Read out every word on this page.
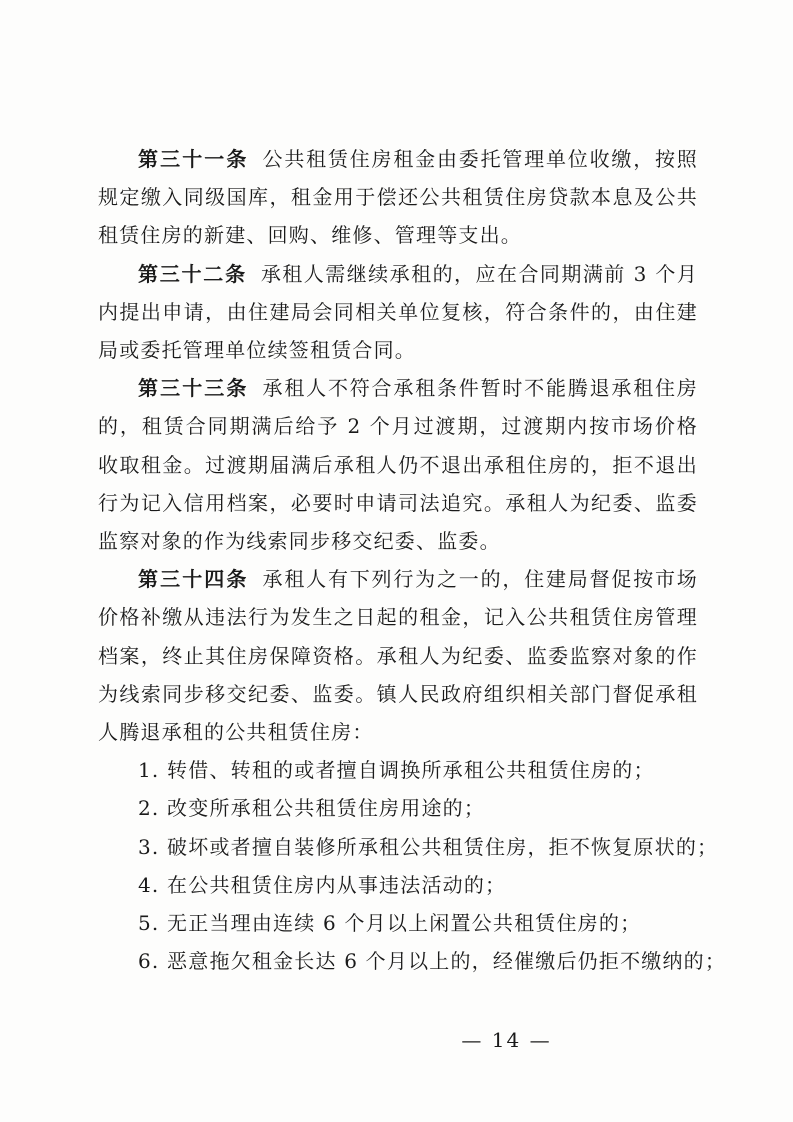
第三十一条 公共租赁住房租金由委托管理单位收缴，按照规定缴入同级国库，租金用于偿还公共租赁住房贷款本息及公共租赁住房的新建、回购、维修、管理等支出。

第三十二条 承租人需继续承租的，应在合同期满前 3 个月内提出申请，由住建局会同相关单位复核，符合条件的，由住建局或委托管理单位续签租赁合同。

第三十三条 承租人不符合承租条件暂时不能腾退承租住房的，租赁合同期满后给予 2 个月过渡期，过渡期内按市场价格收取租金。过渡期届满后承租人仍不退出承租住房的，拒不退出行为记入信用档案，必要时申请司法追究。承租人为纪委、监委监察对象的作为线索同步移交纪委、监委。

第三十四条 承租人有下列行为之一的，住建局督促按市场价格补缴从违法行为发生之日起的租金，记入公共租赁住房管理档案，终止其住房保障资格。承租人为纪委、监委监察对象的作为线索同步移交纪委、监委。镇人民政府组织相关部门督促承租人腾退承租的公共租赁住房：

1. 转借、转租的或者擅自调换所承租公共租赁住房的；

2. 改变所承租公共租赁住房用途的；

3. 破坏或者擅自装修所承租公共租赁住房，拒不恢复原状的；

4. 在公共租赁住房内从事违法活动的；

5. 无正当理由连续 6 个月以上闲置公共租赁住房的；

6. 恶意拖欠租金长达 6 个月以上的，经催缴后仍拒不缴纳的；

— 14 —
